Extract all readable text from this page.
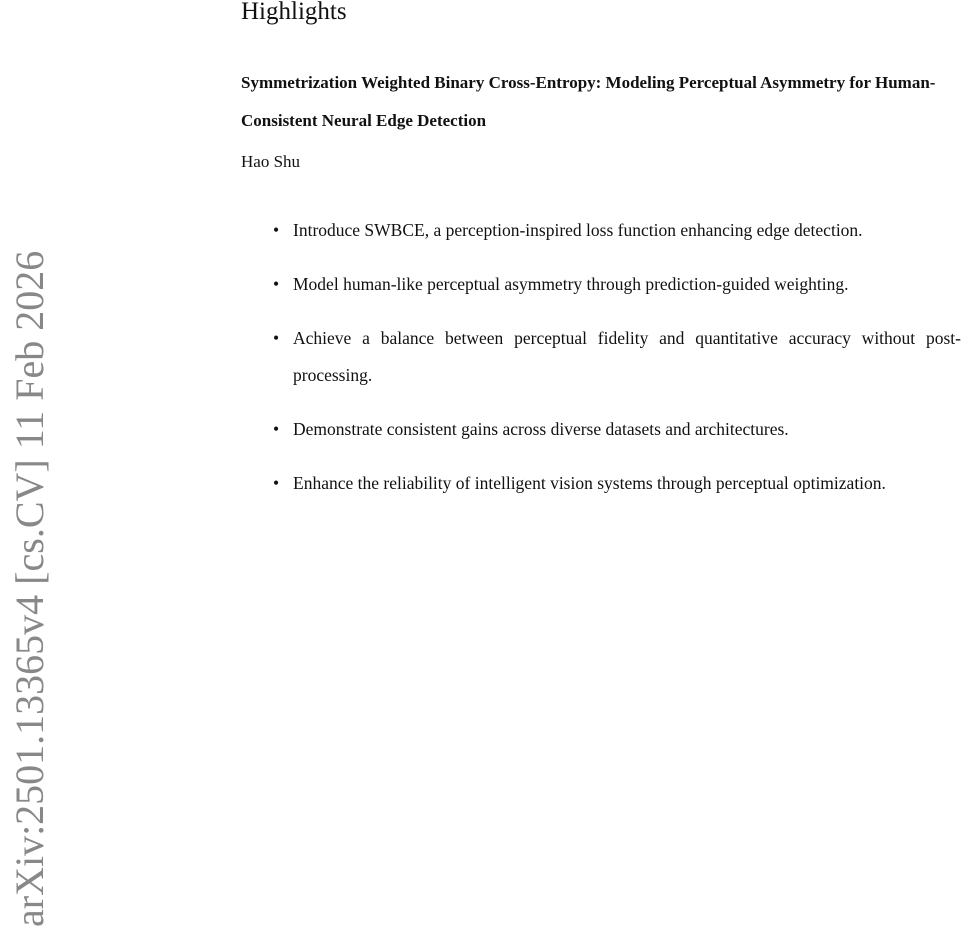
arXiv:2501.13365v4 [cs.CV] 11 Feb 2026
Highlights
Symmetrization Weighted Binary Cross-Entropy: Modeling Perceptual Asymmetry for Human-Consistent Neural Edge Detection
Hao Shu
• Introduce SWBCE, a perception-inspired loss function enhancing edge detection.
• Model human-like perceptual asymmetry through prediction-guided weighting.
• Achieve a balance between perceptual fidelity and quantitative accuracy without post-processing.
• Demonstrate consistent gains across diverse datasets and architectures.
• Enhance the reliability of intelligent vision systems through perceptual optimization.
